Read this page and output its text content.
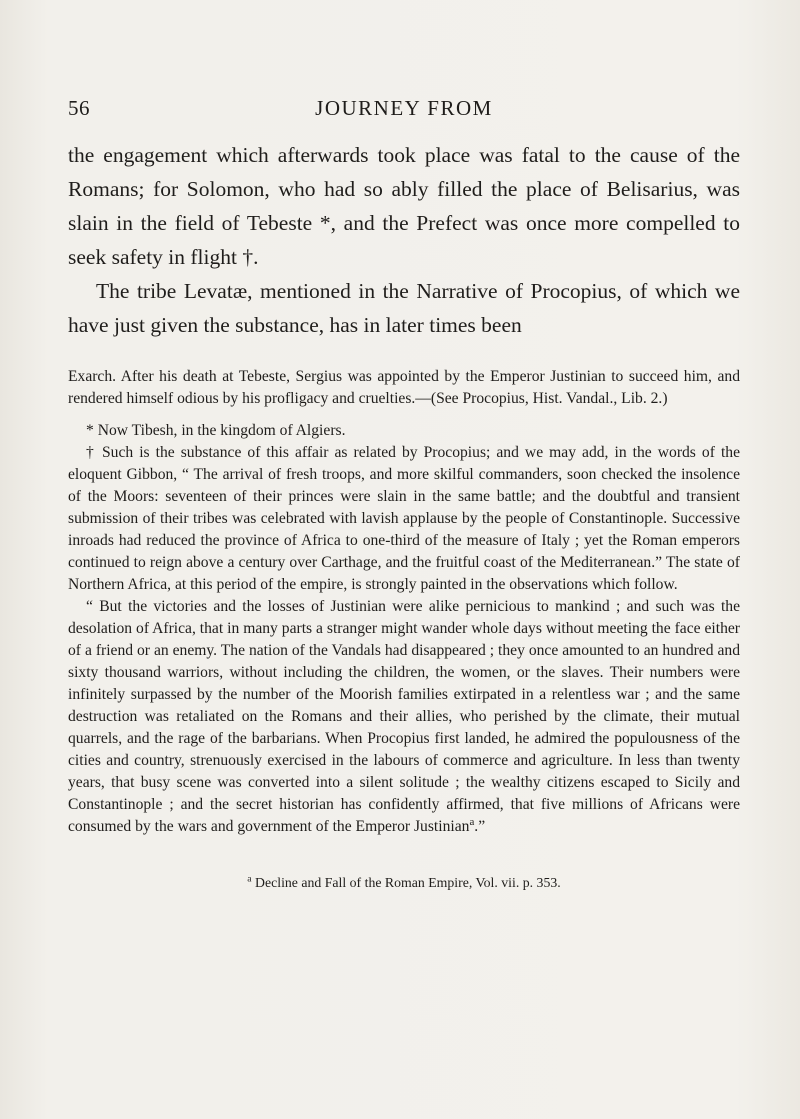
56	JOURNEY FROM

the engagement which afterwards took place was fatal to the cause of the Romans; for Solomon, who had so ably filled the place of Belisarius, was slain in the field of Tebeste *, and the Prefect was once more compelled to seek safety in flight †.

The tribe Levatæ, mentioned in the Narrative of Procopius, of which we have just given the substance, has in later times been

Exarch. After his death at Tebeste, Sergius was appointed by the Emperor Justinian to succeed him, and rendered himself odious by his profligacy and cruelties.—(See Procopius, Hist. Vandal., Lib. 2.)

* Now Tibesh, in the kingdom of Algiers.

† Such is the substance of this affair as related by Procopius; and we may add, in the words of the eloquent Gibbon, “ The arrival of fresh troops, and more skilful commanders, soon checked the insolence of the Moors: seventeen of their princes were slain in the same battle; and the doubtful and transient submission of their tribes was celebrated with lavish applause by the people of Constantinople. Successive inroads had reduced the province of Africa to one-third of the measure of Italy ; yet the Roman emperors continued to reign above a century over Carthage, and the fruitful coast of the Mediterranean.” The state of Northern Africa, at this period of the empire, is strongly painted in the observations which follow.

“ But the victories and the losses of Justinian were alike pernicious to mankind ; and such was the desolation of Africa, that in many parts a stranger might wander whole days without meeting the face either of a friend or an enemy. The nation of the Vandals had disappeared ; they once amounted to an hundred and sixty thousand warriors, without including the children, the women, or the slaves. Their numbers were infinitely surpassed by the number of the Moorish families extirpated in a relentless war ; and the same destruction was retaliated on the Romans and their allies, who perished by the climate, their mutual quarrels, and the rage of the barbarians. When Procopius first landed, he admired the populousness of the cities and country, strenuously exercised in the labours of commerce and agriculture. In less than twenty years, that busy scene was converted into a silent solitude ; the wealthy citizens escaped to Sicily and Constantinople ; and the secret historian has confidently affirmed, that five millions of Africans were consumed by the wars and government of the Emperor Justinian$^a$.”

$^a$ Decline and Fall of the Roman Empire, Vol. vii. p. 353.
